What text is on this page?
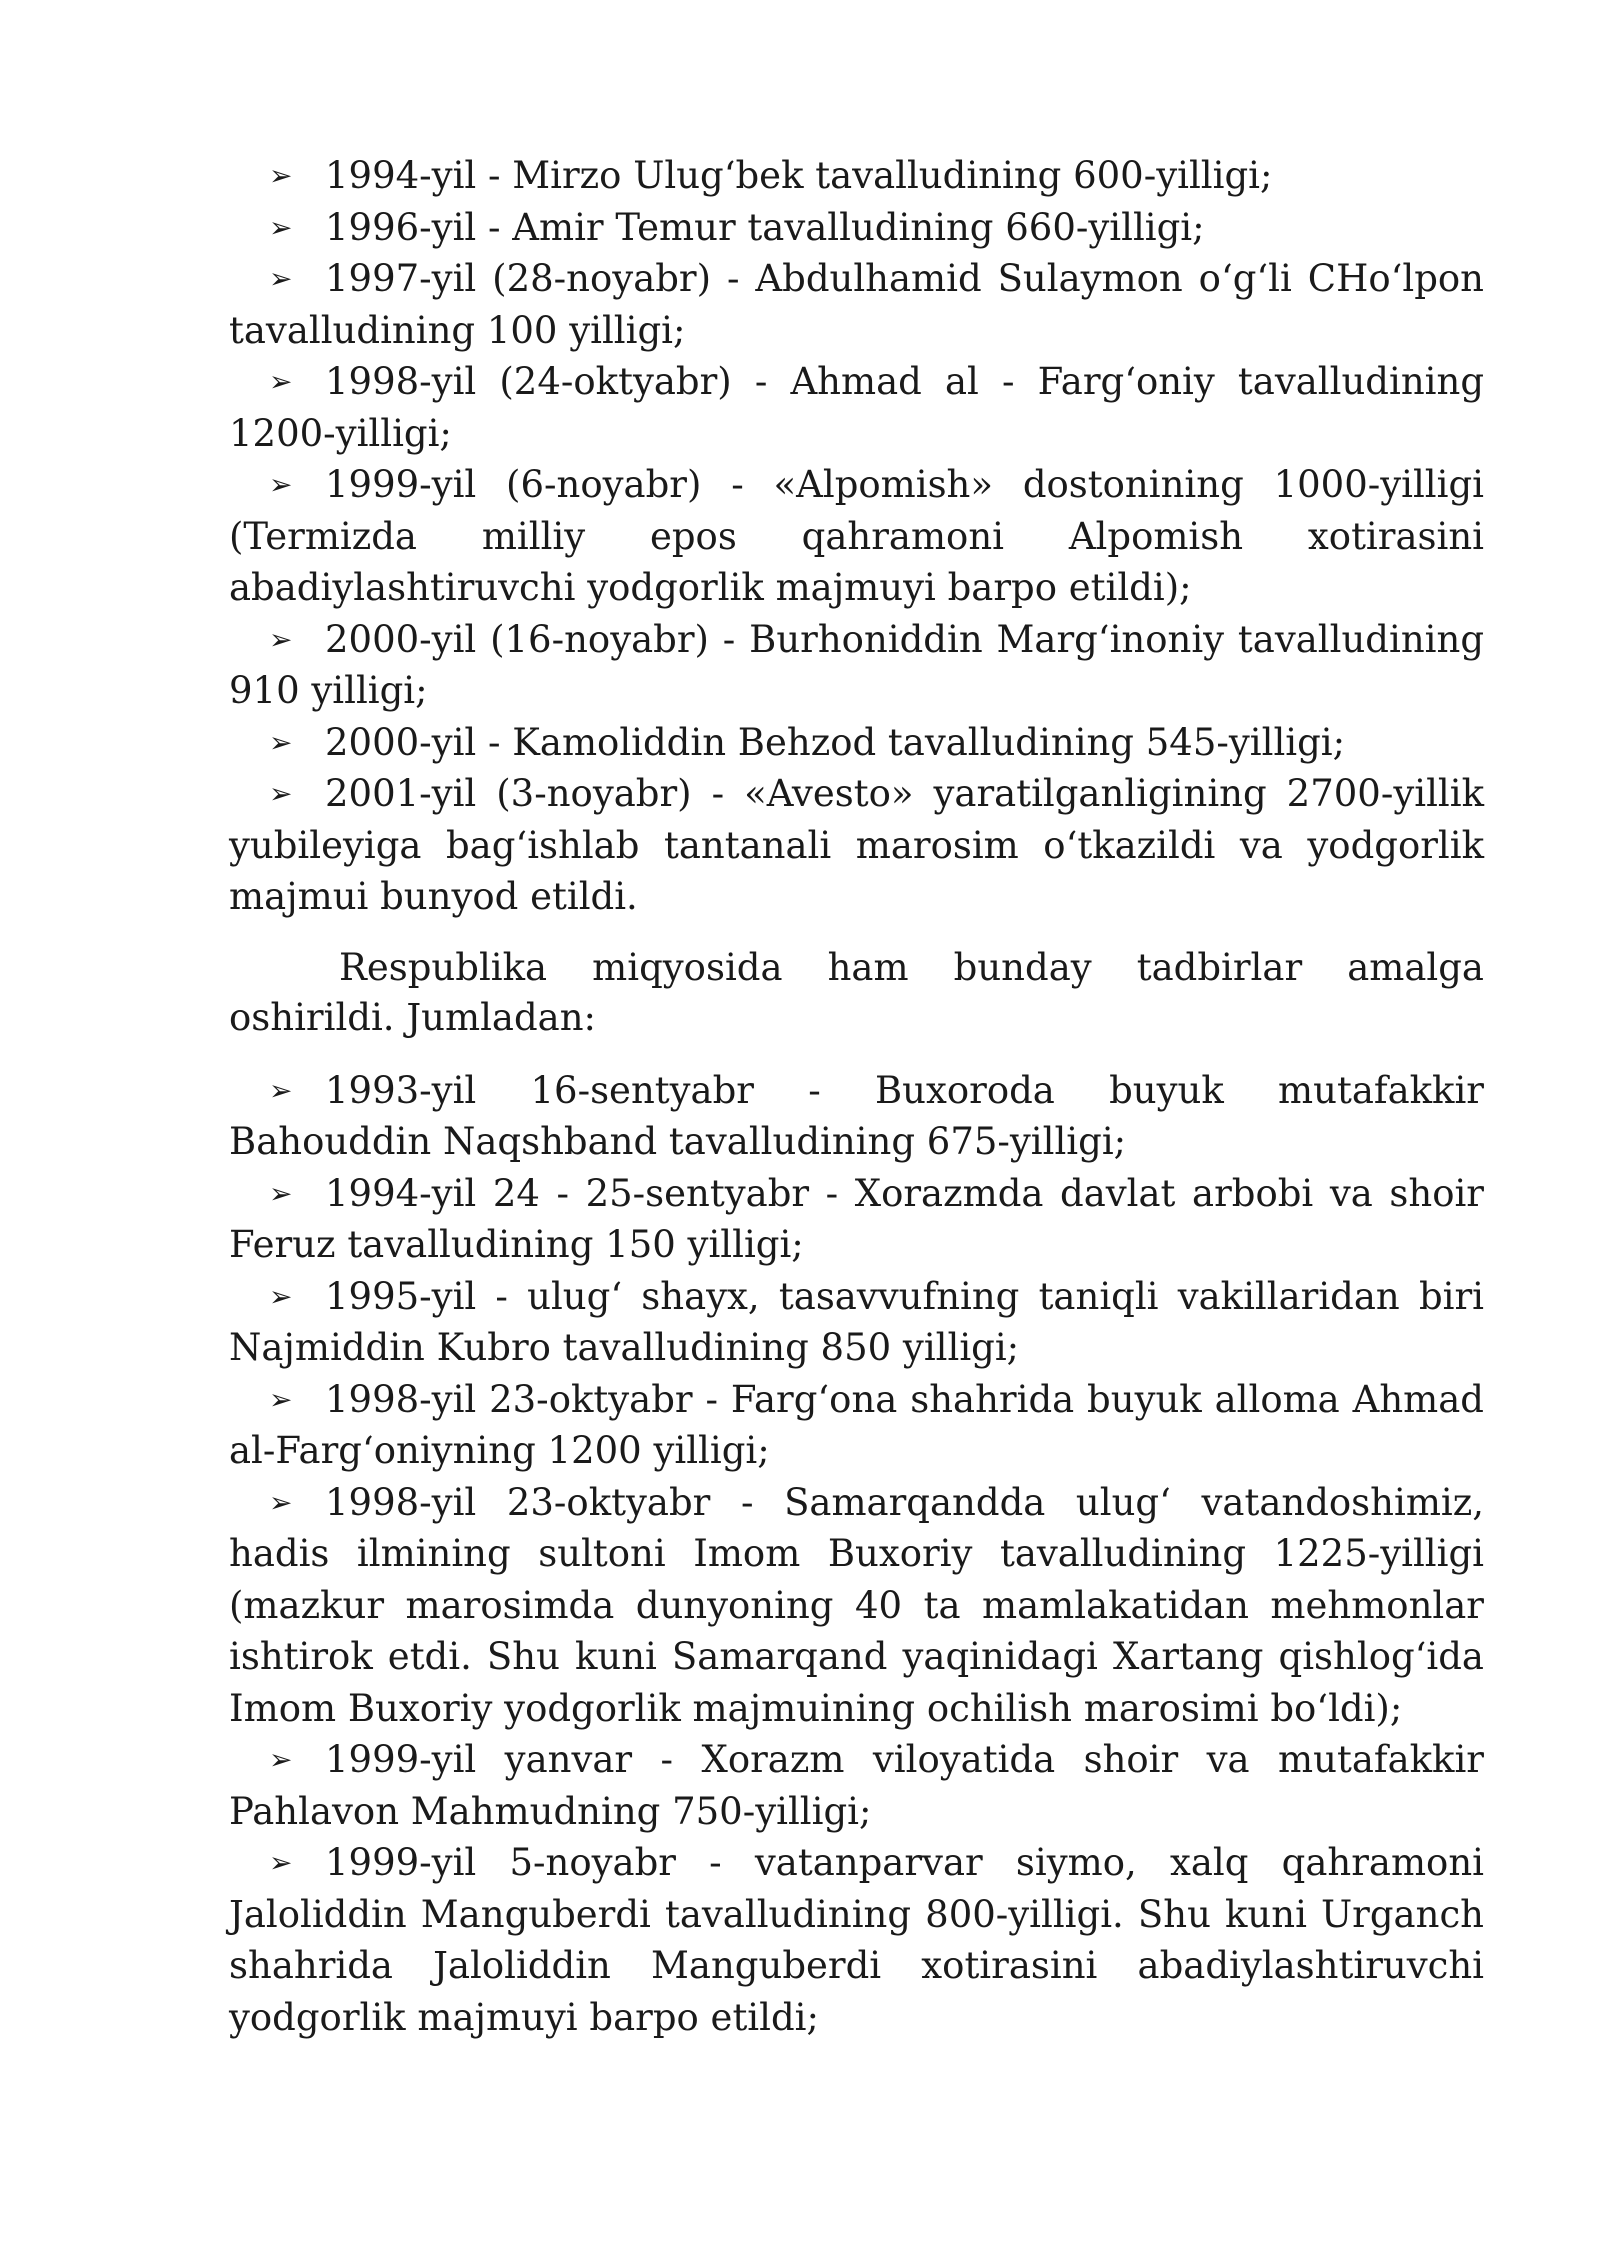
➢ 1994-yil - Mirzo Ulug‘bek tavalludining 600-yilligi;

➢ 1996-yil - Amir Temur tavalludining 660-yilligi;

➢ 1997-yil (28-noyabr) - Abdulhamid Sulaymon o‘g‘li CHo‘lpon tavalludining 100 yilligi;

➢ 1998-yil (24-oktyabr) - Ahmad al - Farg‘oniy tavalludining 1200-yilligi;

➢ 1999-yil (6-noyabr) - «Alpomish» dostonining 1000-yilligi (Termizda milliy epos qahramoni Alpomish xotirasini abadiylashtiruvchi yodgorlik majmuyi barpo etildi);

➢ 2000-yil (16-noyabr) - Burhoniddin Marg‘inoniy tavalludining 910 yilligi;

➢ 2000-yil - Kamoliddin Behzod tavalludining 545-yilligi;

➢ 2001-yil (3-noyabr) - «Avesto» yaratilganligining 2700-yillik yubileyiga bag‘ishlab tantanali marosim o‘tkazildi va yodgorlik majmui bunyod etildi.

Respublika miqyosida ham bunday tadbirlar amalga oshirildi. Jumladan:

➢ 1993-yil 16-sentyabr - Buxoroda buyuk mutafakkir Bahouddin Naqshband tavalludining 675-yilligi;

➢ 1994-yil 24 - 25-sentyabr - Xorazmda davlat arbobi va shoir Feruz tavalludining 150 yilligi;

➢ 1995-yil - ulug‘ shayx, tasavvufning taniqli vakillaridan biri Najmiddin Kubro tavalludining 850 yilligi;

➢ 1998-yil 23-oktyabr - Farg‘ona shahrida buyuk alloma Ahmad al-Farg‘oniyning 1200 yilligi;

➢ 1998-yil 23-oktyabr - Samarqandda ulug‘ vatandoshimiz, hadis ilmining sultoni Imom Buxoriy tavalludining 1225-yilligi (mazkur marosimda dunyoning 40 ta mamlakatidan mehmonlar ishtirok etdi. Shu kuni Samarqand yaqinidagi Xartang qishlog‘ida Imom Buxoriy yodgorlik majmuining ochilish marosimi bo‘ldi);

➢ 1999-yil yanvar - Xorazm viloyatida shoir va mutafakkir Pahlavon Mahmudning 750-yilligi;

➢ 1999-yil 5-noyabr - vatanparvar siymo, xalq qahramoni Jaloliddin Manguberdi tavalludining 800-yilligi. Shu kuni Urganch shahrida Jaloliddin Manguberdi xotirasini abadiylashtiruvchi yodgorlik majmuyi barpo etildi;
